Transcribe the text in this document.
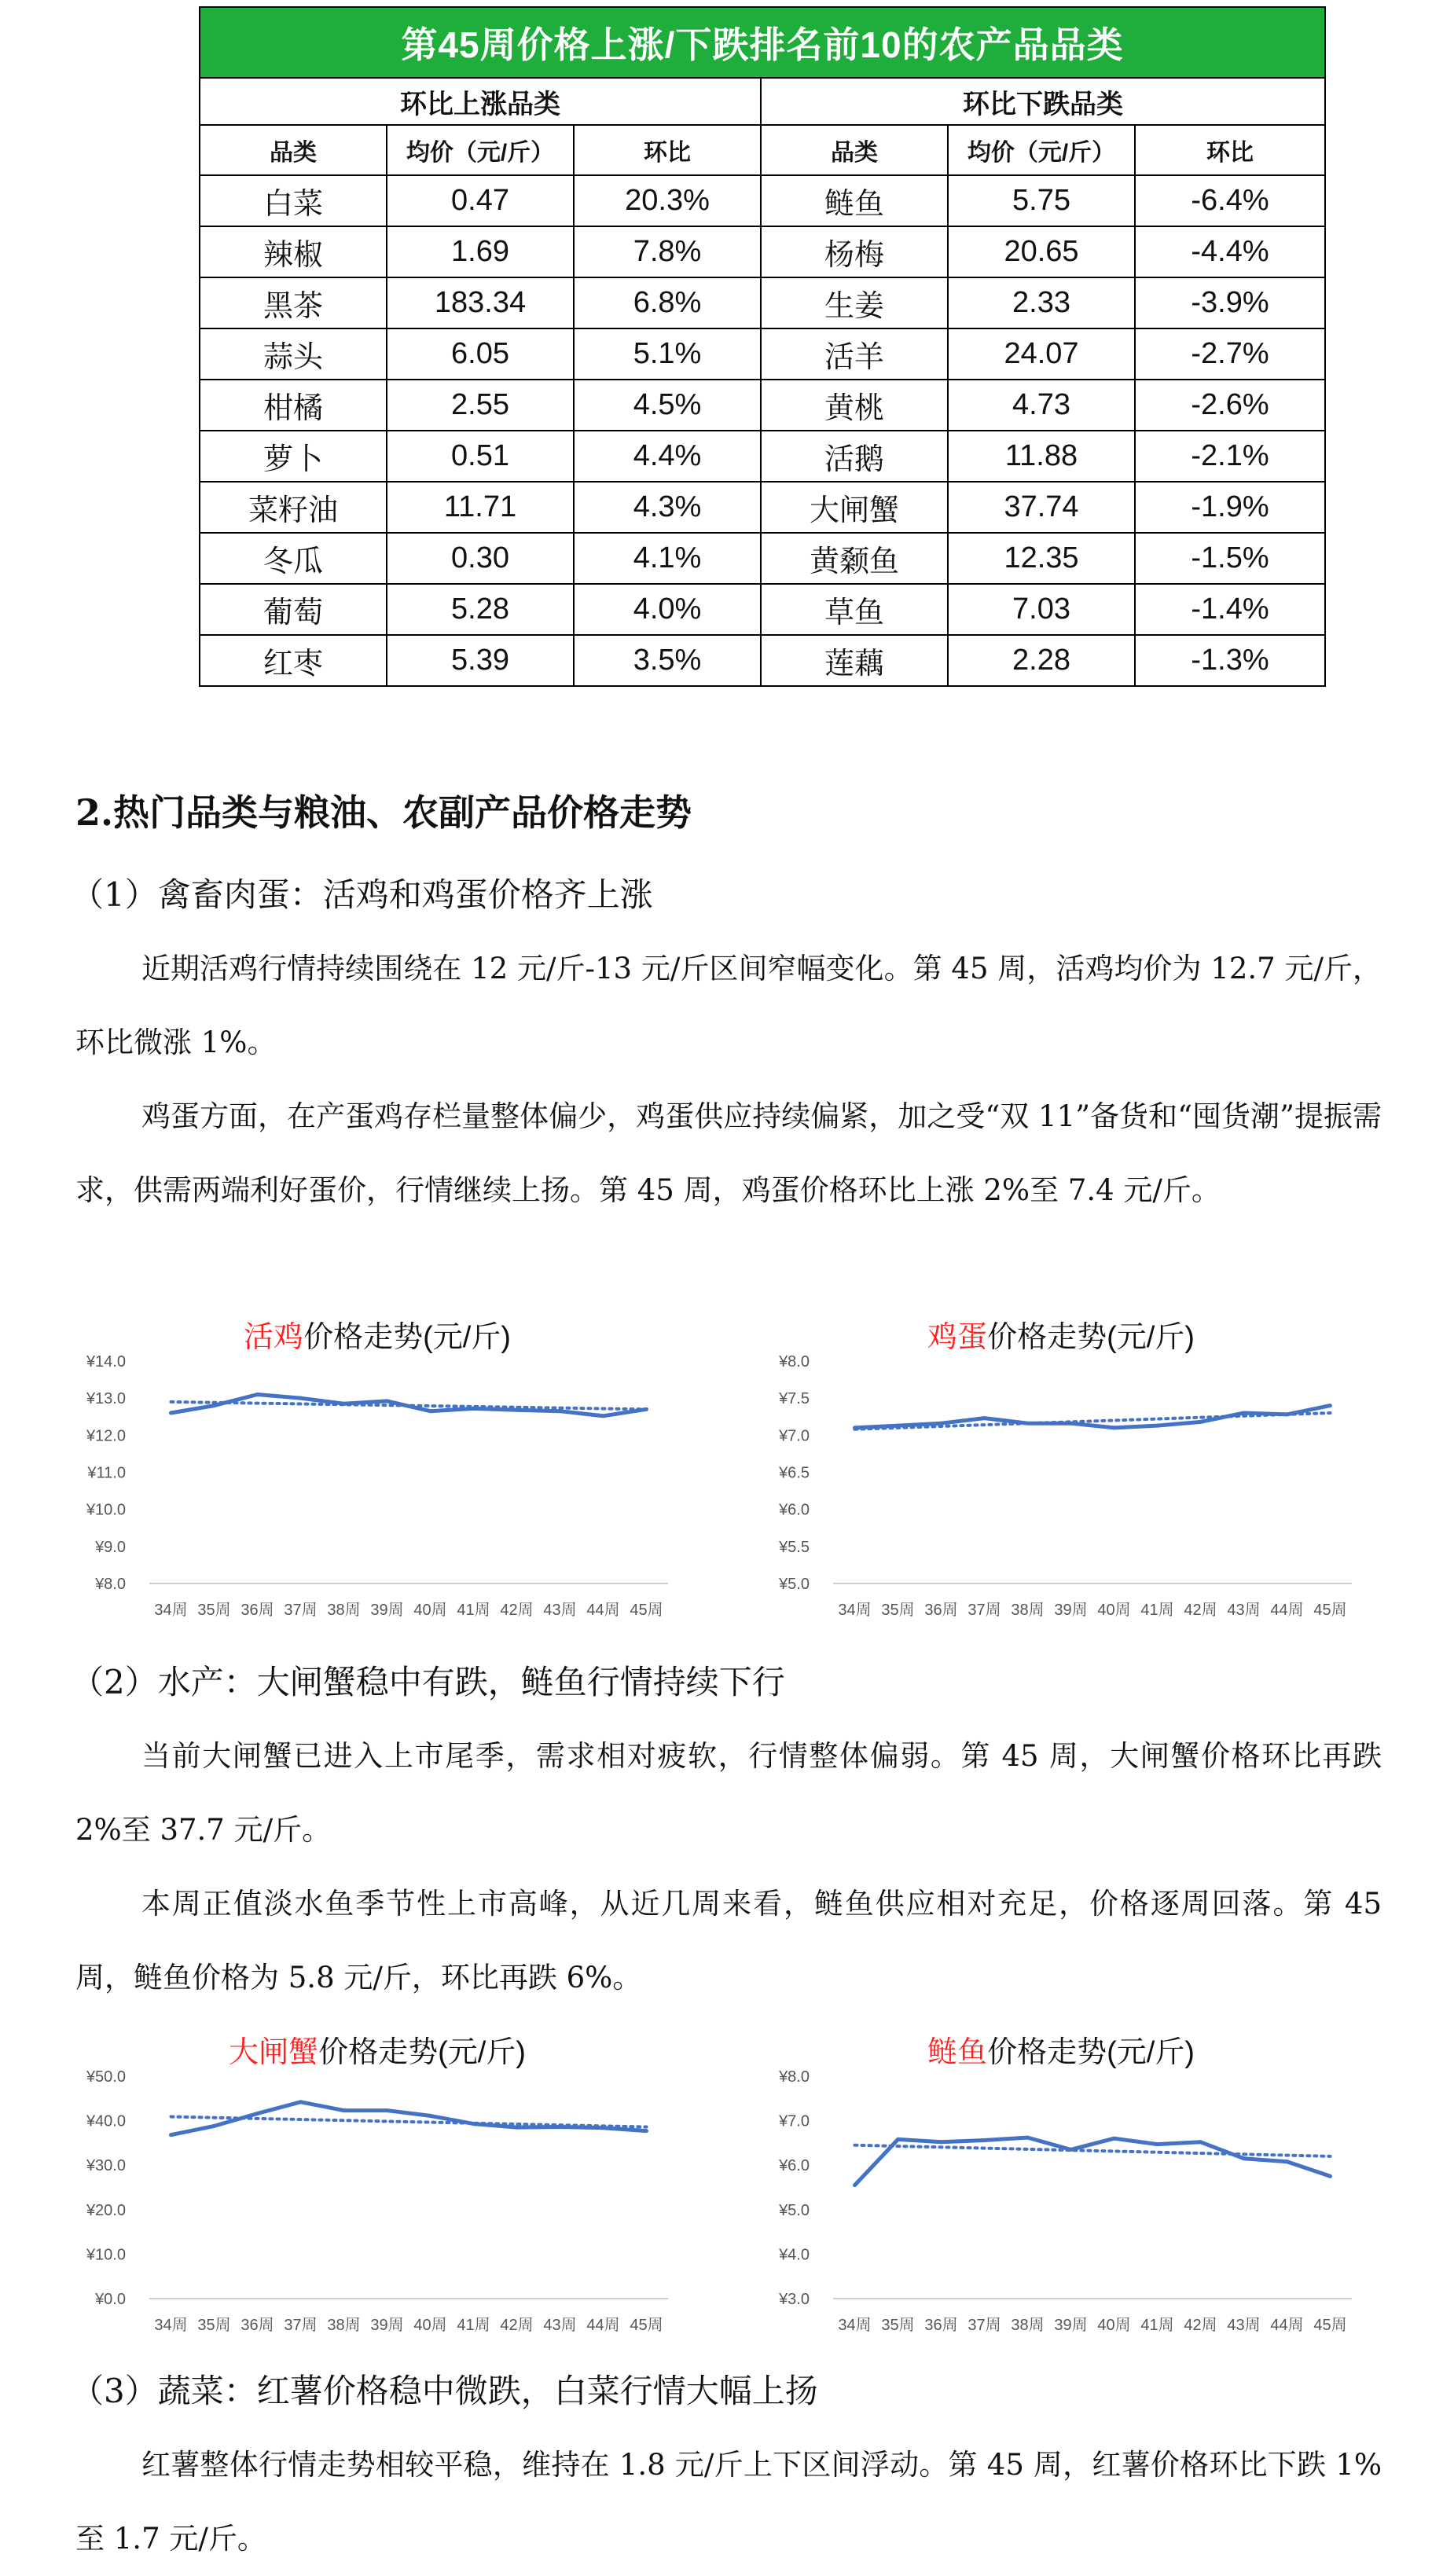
第45周价格上涨/下跌排名前10的农产品品类					
环比上涨品类			环比下跌品类		
品类	均价（元/斤）	环比	品类	均价（元/斤）	环比
白菜	0.47	20.3%	鲢鱼	5.75	-6.4%
辣椒	1.69	7.8%	杨梅	20.65	-4.4%
黑茶	183.34	6.8%	生姜	2.33	-3.9%
蒜头	6.05	5.1%	活羊	24.07	-2.7%
柑橘	2.55	4.5%	黄桃	4.73	-2.6%
萝卜	0.51	4.4%	活鹅	11.88	-2.1%
菜籽油	11.71	4.3%	大闸蟹	37.74	-1.9%
冬瓜	0.30	4.1%	黄颡鱼	12.35	-1.5%
葡萄	5.28	4.0%	草鱼	7.03	-1.4%
红枣	5.39	3.5%	莲藕	2.28	-1.3%
2.热门品类与粮油、农副产品价格走势
（1）禽畜肉蛋：活鸡和鸡蛋价格齐上涨

近期活鸡行情持续围绕在 12 元/斤-13 元/斤区间窄幅变化。第 45 周，活鸡均价为 12.7 元/斤，环比微涨 1%。

鸡蛋方面，在产蛋鸡存栏量整体偏少，鸡蛋供应持续偏紧，加之受“双 11”备货和“囤货潮”提振需求，供需两端利好蛋价，行情继续上扬。第 45 周，鸡蛋价格环比上涨 2%至 7.4 元/斤。

活鸡价格走势(元/斤)
¥8.0
¥9.0
¥10.0
¥11.0
¥12.0
¥13.0
¥14.0
34周 35周 36周 37周 38周 39周 40周 41周 42周 43周 44周 45周
鸡蛋价格走势(元/斤)
¥5.0
¥5.5
¥6.0
¥6.5
¥7.0
¥7.5
¥8.0
34周 35周 36周 37周 38周 39周 40周 41周 42周 43周 44周 45周
（2）水产：大闸蟹稳中有跌，鲢鱼行情持续下行

当前大闸蟹已进入上市尾季，需求相对疲软，行情整体偏弱。第 45 周，大闸蟹价格环比再跌 2%至 37.7 元/斤。

本周正值淡水鱼季节性上市高峰，从近几周来看，鲢鱼供应相对充足，价格逐周回落。第 45 周，鲢鱼价格为 5.8 元/斤，环比再跌 6%。

大闸蟹价格走势(元/斤)
¥0.0
¥10.0
¥20.0
¥30.0
¥40.0
¥50.0
34周 35周 36周 37周 38周 39周 40周 41周 42周 43周 44周 45周
鲢鱼价格走势(元/斤)
¥3.0
¥4.0
¥5.0
¥6.0
¥7.0
¥8.0
34周 35周 36周 37周 38周 39周 40周 41周 42周 43周 44周 45周
（3）蔬菜：红薯价格稳中微跌，白菜行情大幅上扬

红薯整体行情走势相较平稳，维持在 1.8 元/斤上下区间浮动。第 45 周，红薯价格环比下跌 1%至 1.7 元/斤。
